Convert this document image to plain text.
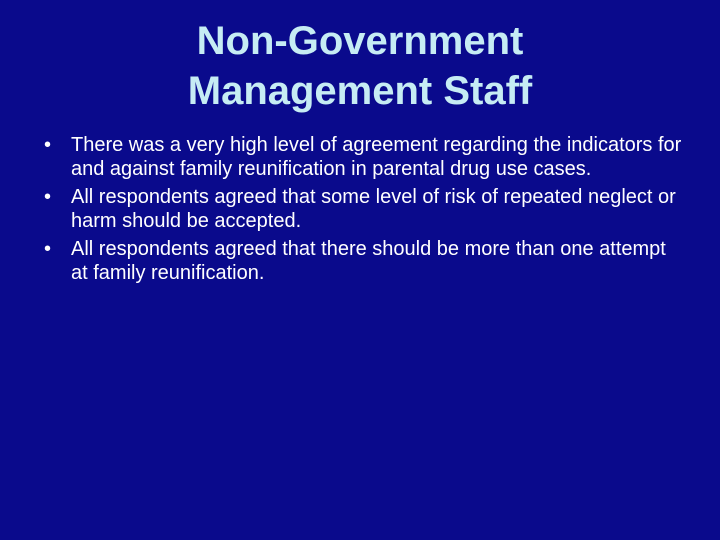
Non-Government
Management Staff
• There was a very high level of agreement regarding the indicators for and against family reunification in parental drug use cases.
• All respondents agreed that some level of risk of repeated neglect or harm should be accepted.
• All respondents agreed that there should be more than one attempt at family reunification.
